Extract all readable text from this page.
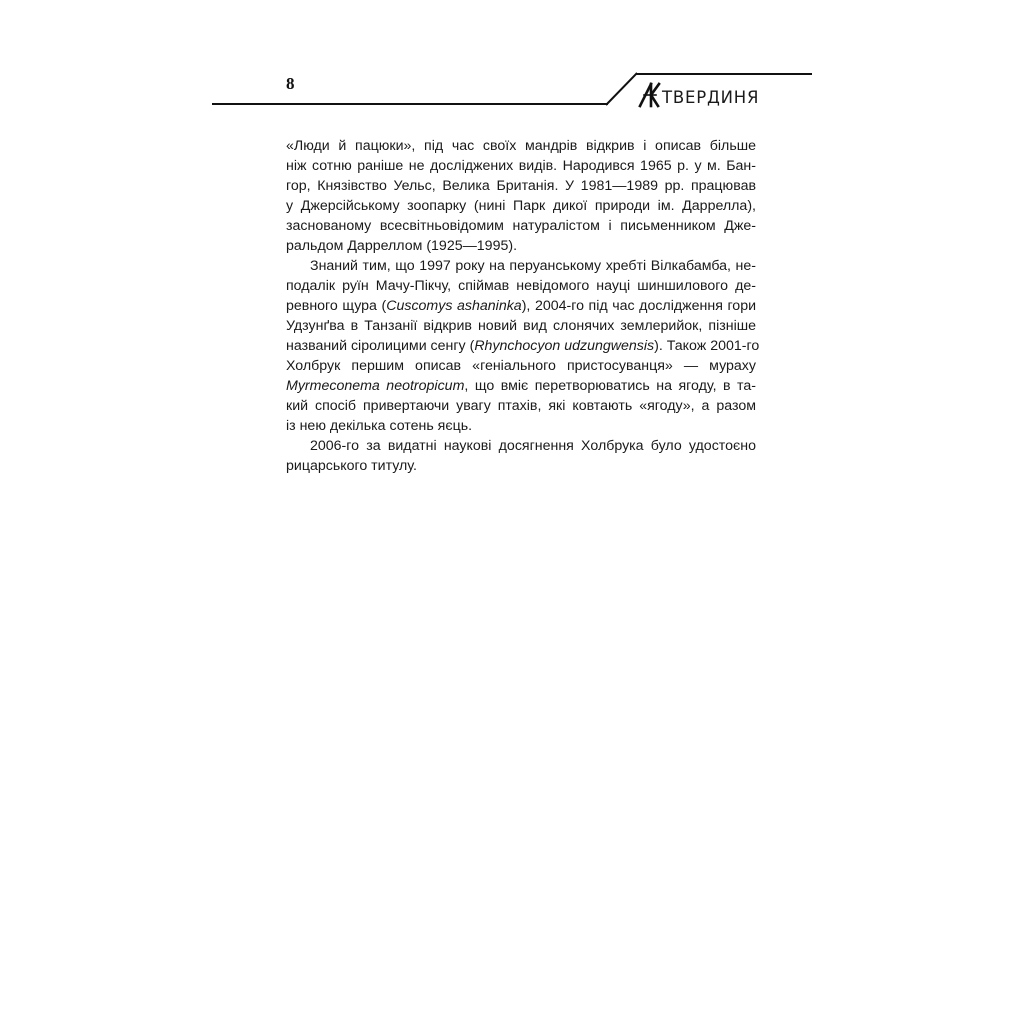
8
ТВЕРДИНЯ
«Люди й пацюки», під час своїх мандрів відкрив і описав більше
ніж сотню раніше не досліджених видів. Народився 1965 р. у м. Бан-
гор, Князівство Уельс, Велика Британія. У 1981—1989 рр. працював
у Джерсійському зоопарку (нині Парк дикої природи ім. Даррелла),
заснованому всесвітньовідомим натуралістом і письменником Дже-
ральдом Дарреллом (1925—1995).
Знаний тим, що 1997 року на перуанському хребті Вілкабамба, не-
подалік руїн Мачу-Пікчу, спіймав невідомого науці шиншилового де-
ревного щура (Cuscomys ashaninka), 2004-го під час дослідження гори
Удзунґва в Танзанії відкрив новий вид слонячих землерийок, пізніше
названий сіролицими сенгу (Rhynchocyon udzungwensis). Також 2001-го
Холбрук першим описав «геніального пристосуванця» — мураху
Myrmeconema neotropicum, що вміє перетворюватись на ягоду, в та-
кий спосіб привертаючи увагу птахів, які ковтають «ягоду», а разом
із нею декілька сотень яєць.
2006-го за видатні наукові досягнення Холбрука було удостоєно
рицарського титулу.
